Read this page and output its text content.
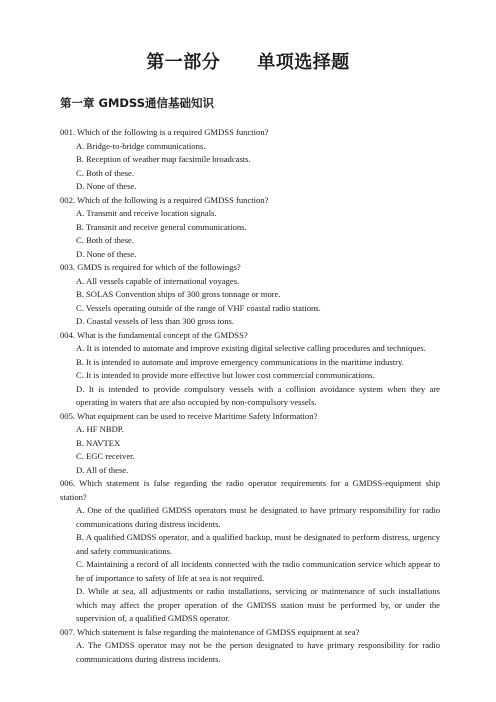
第一部分　　单项选择题
第一章 GMDSS通信基础知识
001. Which of the following is a required GMDSS function?
A. Bridge-to-bridge communications.
B. Reception of weather map facsimile broadcasts.
C. Both of these.
D. None of these.
002. Which of the following is a required GMDSS function?
A. Transmit and receive location signals.
B. Transmit and receive general communications.
C. Both of these.
D. None of these.
003. GMDS is required for which of the followings?
A. All vessels capable of international voyages.
B. SOLAS Convention ships of 300 gross tonnage or more.
C. Vessels operating outside of the range of VHF coastal radio stations.
D. Coastal vessels of less than 300 gross tons.
004. What is the fundamental concept of the GMDSS?
A. It is intended to automate and improve existing digital selective calling procedures and techniques.
B. It is intended to automate and improve emergency communications in the maritime industry.
C. It is intended to provide more effective but lower cost commercial communications.
D. It is intended to provide compulsory vessels with a collision avoidance system when they are operating in waters that are also occupied by non-compulsory vessels.
005. What equipment can be used to receive Maritime Safety Information?
A. HF NBDP.
B. NAVTEX
C. EGC receiver.
D. All of these.
006. Which statement is false regarding the radio operator requirements for a GMDSS-equipment ship station?
A. One of the qualified GMDSS operators must be designated to have primary responsibility for radio communications during distress incidents.
B. A qualified GMDSS operator, and a qualified backup, must be designated to perform distress, urgency and safety communications.
C. Maintaining a record of all incidents connected with the radio communication service which appear to be of importance to safety of life at sea is not required.
D. While at sea, all adjustments or radio installations, servicing or maintenance of such installations which may affect the proper operation of the GMDSS station must be performed by, or under the supervision of, a qualified GMDSS operator.
007. Which statement is false regarding the maintenance of GMDSS equipment at sea?
A. The GMDSS operator may not be the person designated to have primary responsibility for radio communications during distress incidents.
